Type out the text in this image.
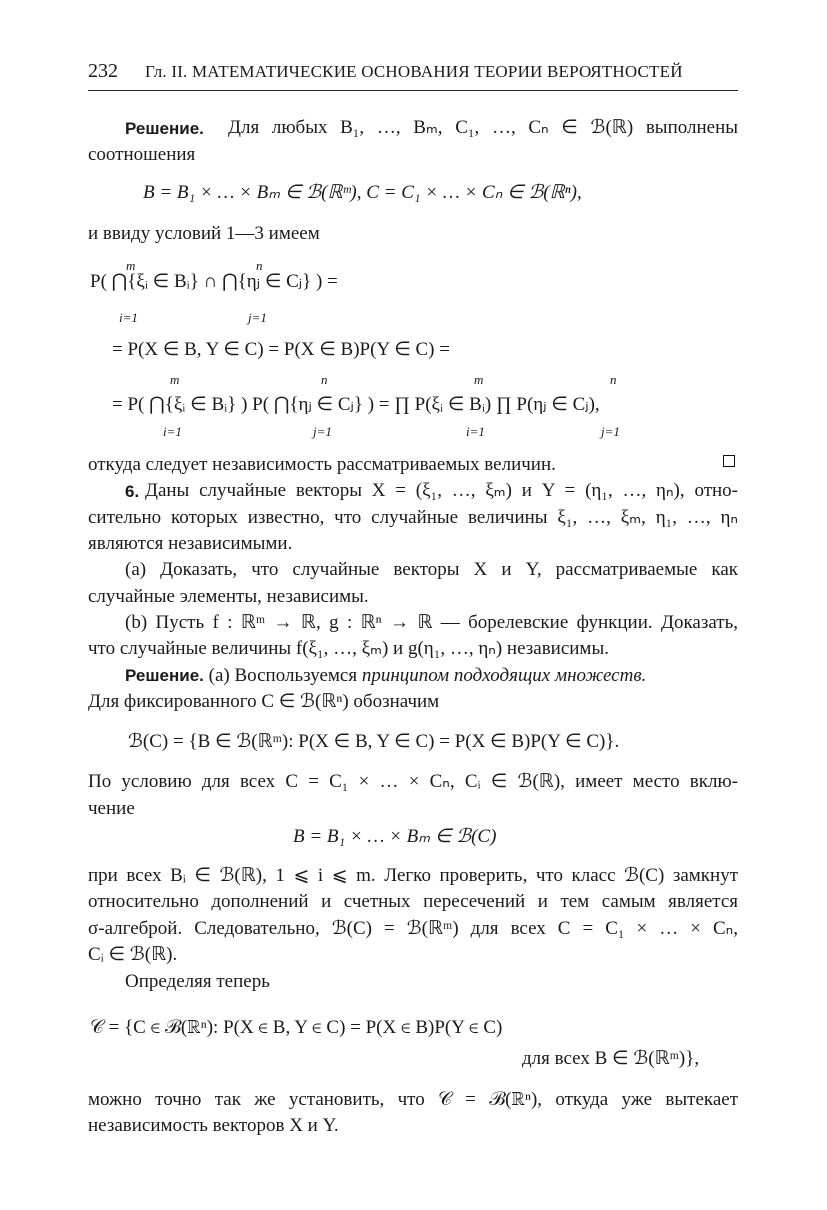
232 Гл. II. МАТЕМАТИЧЕСКИЕ ОСНОВАНИЯ ТЕОРИИ ВЕРОЯТНОСТЕЙ
Решение. Для любых B₁, …, Bₘ, C₁, …, Cₙ ∈ ℬ(ℝ) выполнены
соотношения
B = B₁ × … × Bₘ ∈ ℬ(ℝᵐ), C = C₁ × … × Cₙ ∈ ℬ(ℝⁿ),
и ввиду условий 1—3 имеем
P( ⋂{ξᵢ ∈ Bᵢ} ∩ ⋂{ηⱼ ∈ Cⱼ} ) =
m
i=1
n
j=1
= P(X ∈ B, Y ∈ C) = P(X ∈ B)P(Y ∈ C) =
= P( ⋂{ξᵢ ∈ Bᵢ} ) P( ⋂{ηⱼ ∈ Cⱼ} ) = ∏ P(ξᵢ ∈ Bᵢ) ∏ P(ηⱼ ∈ Cⱼ),
m
i=1
n
j=1
m
i=1
n
j=1
откуда следует независимость рассматриваемых величин.
6. Даны случайные векторы X = (ξ₁, …, ξₘ) и Y = (η₁, …, ηₙ), отно-
сительно которых известно, что случайные величины ξ₁, …, ξₘ, η₁, …, ηₙ
являются независимыми.
(a) Доказать, что случайные векторы X и Y, рассматриваемые как
случайные элементы, независимы.
(b) Пусть f : ℝᵐ → ℝ, g : ℝⁿ → ℝ — борелевские функции. Доказать,
что случайные величины f(ξ₁, …, ξₘ) и g(η₁, …, ηₙ) независимы.
Решение. (a) Воспользуемся принципом подходящих множеств.
Для фиксированного C ∈ ℬ(ℝⁿ) обозначим
ℬ(C) = {B ∈ ℬ(ℝᵐ): P(X ∈ B, Y ∈ C) = P(X ∈ B)P(Y ∈ C)}.
По условию для всех C = C₁ × … × Cₙ, Cᵢ ∈ ℬ(ℝ), имеет место вклю-
чение
B = B₁ × … × Bₘ ∈ ℬ(C)
при всех Bᵢ ∈ ℬ(ℝ), 1 ⩽ i ⩽ m. Легко проверить, что класс ℬ(C) замкнут
относительно дополнений и счетных пересечений и тем самым является
σ-алгеброй. Следовательно, ℬ(C) = ℬ(ℝᵐ) для всех C = C₁ × … × Cₙ,
Cᵢ ∈ ℬ(ℝ).
Определяя теперь
𝒞 = {C ∈ ℬ(ℝⁿ): P(X ∈ B, Y ∈ C) = P(X ∈ B)P(Y ∈ C)
для всех B ∈ ℬ(ℝᵐ)},
можно точно так же установить, что 𝒞 = ℬ(ℝⁿ), откуда уже вытекает
независимость векторов X и Y.
